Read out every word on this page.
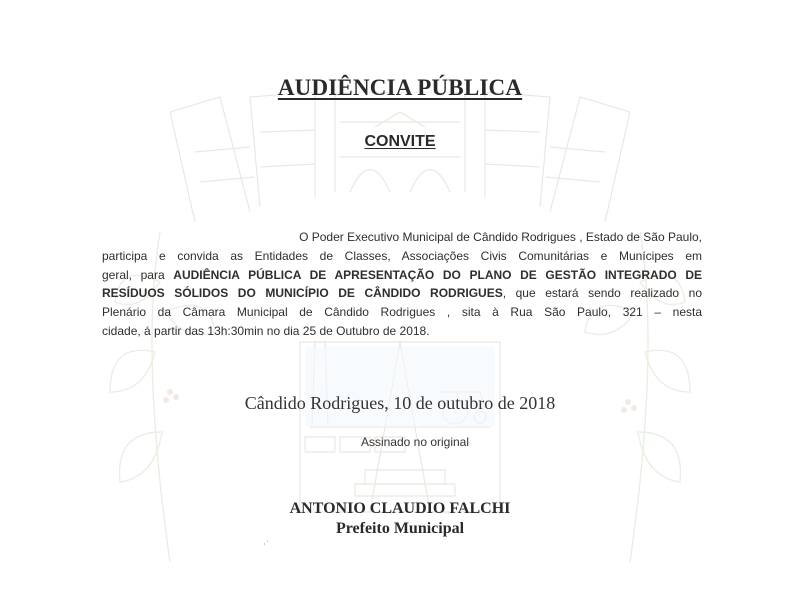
AUDIÊNCIA PÚBLICA
CONVITE
O Poder Executivo Municipal de Cândido Rodrigues , Estado de São Paulo,
participa e convida as Entidades de Classes, Associações Civis Comunitárias e Munícipes em
geral, para AUDIÊNCIA PÚBLICA DE APRESENTAÇÃO DO PLANO DE GESTÃO INTEGRADO DE
RESÍDUOS SÓLIDOS DO MUNICÍPIO DE CÂNDIDO RODRIGUES, que estará sendo realizado no
Plenário da Câmara Municipal de Cândido Rodrigues , sita à Rua São Paulo, 321 – nesta
cidade, á partir das 13h:30min no dia 25 de Outubro de 2018.
Cândido Rodrigues, 10 de outubro de 2018
Assinado no original
ANTONIO CLAUDIO FALCHI
Prefeito Municipal
·˙
